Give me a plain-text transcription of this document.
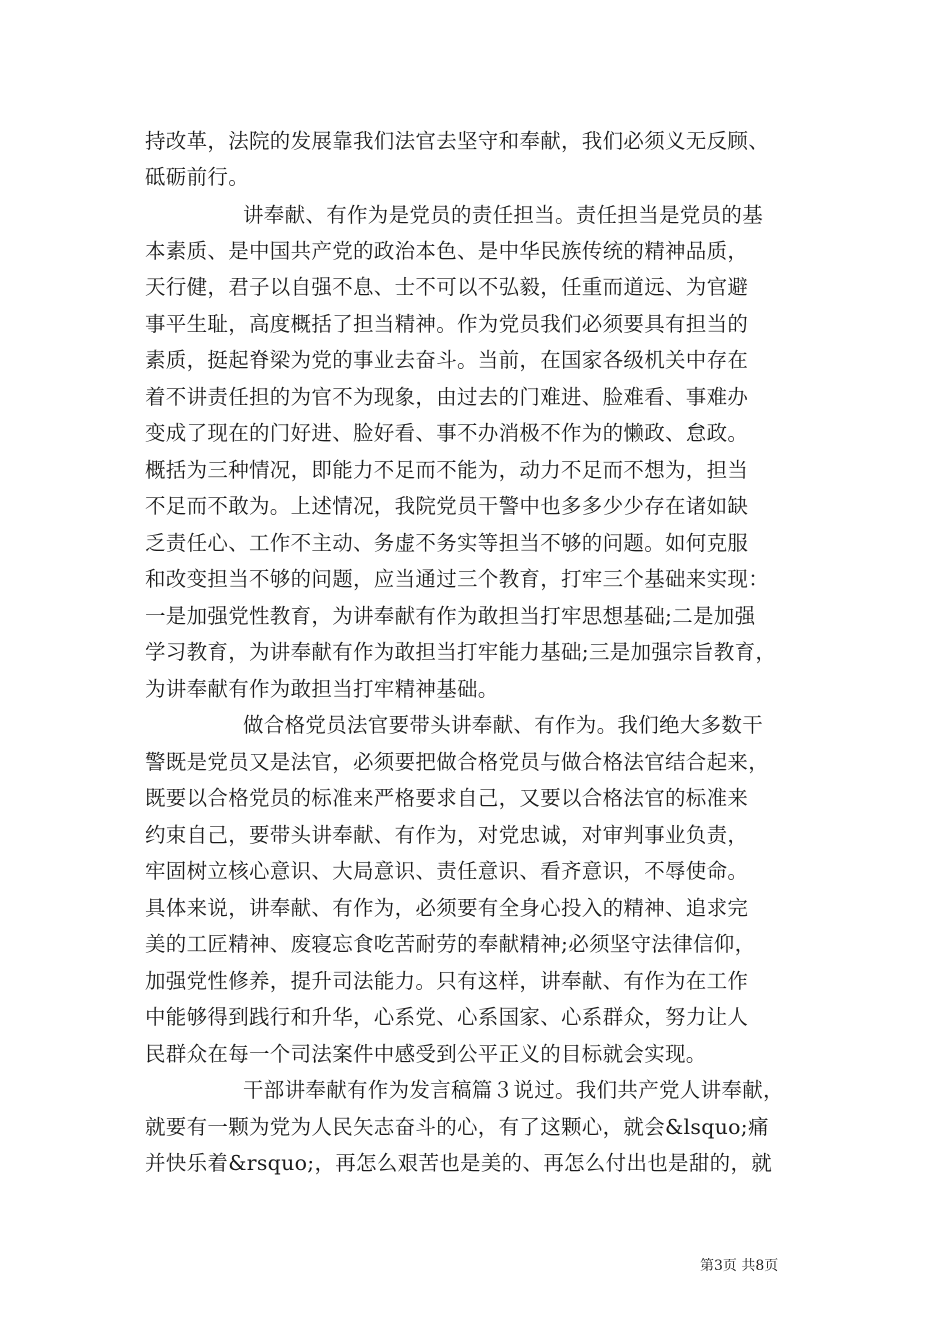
持改革，法院的发展靠我们法官去坚守和奉献，我们必须义无反顾、
砥砺前行。
讲奉献、有作为是党员的责任担当。责任担当是党员的基
本素质、是中国共产党的政治本色、是中华民族传统的精神品质，
天行健，君子以自强不息、士不可以不弘毅，任重而道远、为官避
事平生耻，高度概括了担当精神。作为党员我们必须要具有担当的
素质，挺起脊梁为党的事业去奋斗。当前，在国家各级机关中存在
着不讲责任担的为官不为现象，由过去的门难进、脸难看、事难办
变成了现在的门好进、脸好看、事不办消极不作为的懒政、怠政。
概括为三种情况，即能力不足而不能为，动力不足而不想为，担当
不足而不敢为。上述情况，我院党员干警中也多多少少存在诸如缺
乏责任心、工作不主动、务虚不务实等担当不够的问题。如何克服
和改变担当不够的问题，应当通过三个教育，打牢三个基础来实现：
一是加强党性教育，为讲奉献有作为敢担当打牢思想基础;二是加强
学习教育，为讲奉献有作为敢担当打牢能力基础;三是加强宗旨教育，
为讲奉献有作为敢担当打牢精神基础。
做合格党员法官要带头讲奉献、有作为。我们绝大多数干
警既是党员又是法官，必须要把做合格党员与做合格法官结合起来，
既要以合格党员的标准来严格要求自己，又要以合格法官的标准来
约束自己，要带头讲奉献、有作为，对党忠诚，对审判事业负责，
牢固树立核心意识、大局意识、责任意识、看齐意识，不辱使命。
具体来说，讲奉献、有作为，必须要有全身心投入的精神、追求完
美的工匠精神、废寝忘食吃苦耐劳的奉献精神;必须坚守法律信仰，
加强党性修养，提升司法能力。只有这样，讲奉献、有作为在工作
中能够得到践行和升华，心系党、心系国家、心系群众，努力让人
民群众在每一个司法案件中感受到公平正义的目标就会实现。
干部讲奉献有作为发言稿篇３说过。我们共产党人讲奉献，
就要有一颗为党为人民矢志奋斗的心，有了这颗心，就会&lsquo;痛
并快乐着&rsquo;，再怎么艰苦也是美的、再怎么付出也是甜的，就
第3页 共8页
